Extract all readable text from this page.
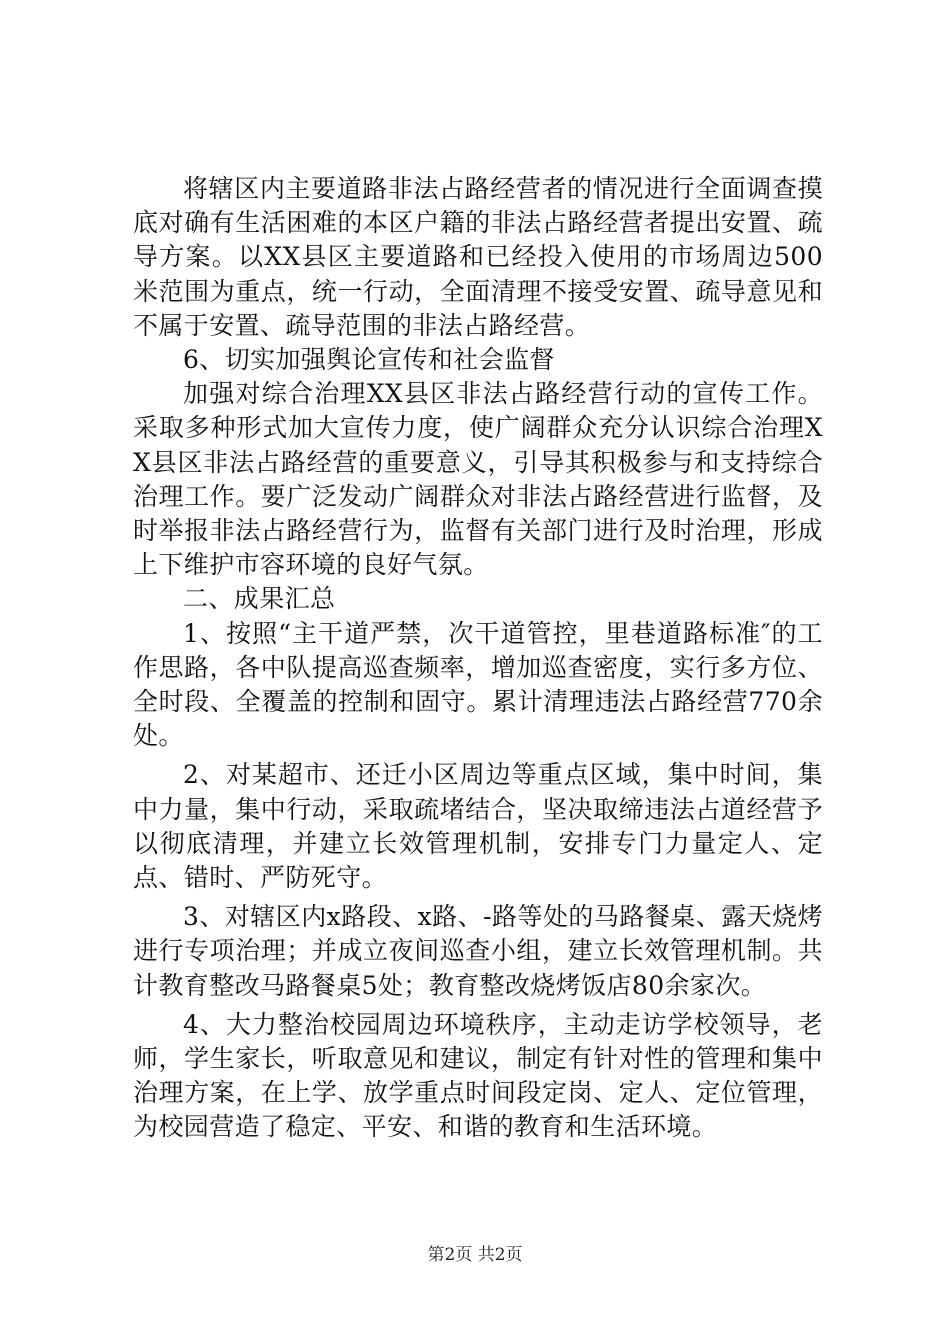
将辖区内主要道路非法占路经营者的情况进行全面调查摸底对确有生活困难的本区户籍的非法占路经营者提出安置、疏导方案。以XX县区主要道路和已经投入使用的市场周边500米范围为重点，统一行动，全面清理不接受安置、疏导意见和不属于安置、疏导范围的非法占路经营。

6、切实加强舆论宣传和社会监督

加强对综合治理XX县区非法占路经营行动的宣传工作。采取多种形式加大宣传力度，使广阔群众充分认识综合治理XX县区非法占路经营的重要意义，引导其积极参与和支持综合治理工作。要广泛发动广阔群众对非法占路经营进行监督，及时举报非法占路经营行为，监督有关部门进行及时治理，形成上下维护市容环境的良好气氛。

二、成果汇总

1、按照“主干道严禁，次干道管控，里巷道路标准″的工作思路，各中队提高巡查频率，增加巡查密度，实行多方位、全时段、全覆盖的控制和固守。累计清理违法占路经营770余处。

2、对某超市、还迁小区周边等重点区域，集中时间，集中力量，集中行动，采取疏堵结合，坚决取缔违法占道经营予以彻底清理，并建立长效管理机制，安排专门力量定人、定点、错时、严防死守。

3、对辖区内x路段、x路、-路等处的马路餐桌、露天烧烤进行专项治理；并成立夜间巡查小组，建立长效管理机制。共计教育整改马路餐桌5处；教育整改烧烤饭店80余家次。

4、大力整治校园周边环境秩序，主动走访学校领导，老师，学生家长，听取意见和建议，制定有针对性的管理和集中治理方案，在上学、放学重点时间段定岗、定人、定位管理，为校园营造了稳定、平安、和谐的教育和生活环境。

第2页 共2页
